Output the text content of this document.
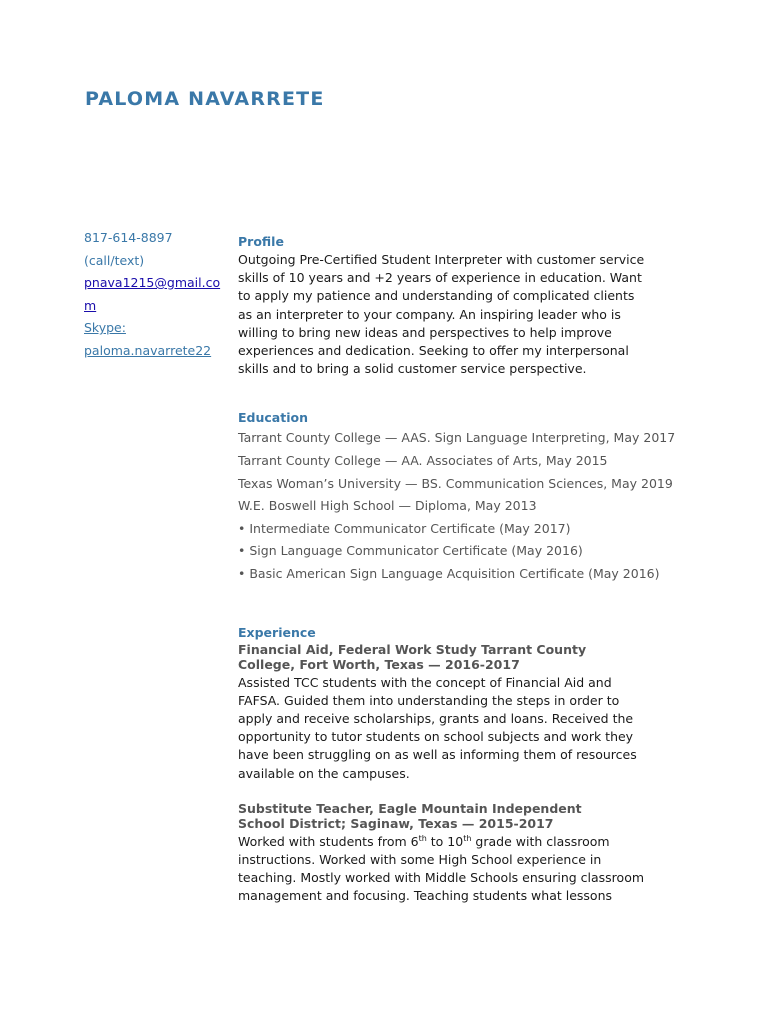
PALOMA NAVARRETE
817-614-8897
(call/text)
pnava1215@gmail.co
m
Skype:
paloma.navarrete22
Profile
Outgoing Pre-Certified Student Interpreter with customer service
skills of 10 years and +2 years of experience in education. Want
to apply my patience and understanding of complicated clients
as an interpreter to your company. An inspiring leader who is
willing to bring new ideas and perspectives to help improve
experiences and dedication. Seeking to offer my interpersonal
skills and to bring a solid customer service perspective.
Education
Tarrant County College — AAS. Sign Language Interpreting, May 2017
Tarrant County College — AA. Associates of Arts, May 2015
Texas Woman’s University — BS. Communication Sciences, May 2019
W.E. Boswell High School — Diploma, May 2013
• Intermediate Communicator Certificate (May 2017)
• Sign Language Communicator Certificate (May 2016)
• Basic American Sign Language Acquisition Certificate (May 2016)
Experience
Financial Aid, Federal Work Study Tarrant County
College, Fort Worth, Texas — 2016-2017
Assisted TCC students with the concept of Financial Aid and
FAFSA. Guided them into understanding the steps in order to
apply and receive scholarships, grants and loans. Received the
opportunity to tutor students on school subjects and work they
have been struggling on as well as informing them of resources
available on the campuses.
Substitute Teacher, Eagle Mountain Independent
School District; Saginaw, Texas — 2015-2017
Worked with students from 6th to 10th grade with classroom
instructions. Worked with some High School experience in
teaching. Mostly worked with Middle Schools ensuring classroom
management and focusing. Teaching students what lessons
